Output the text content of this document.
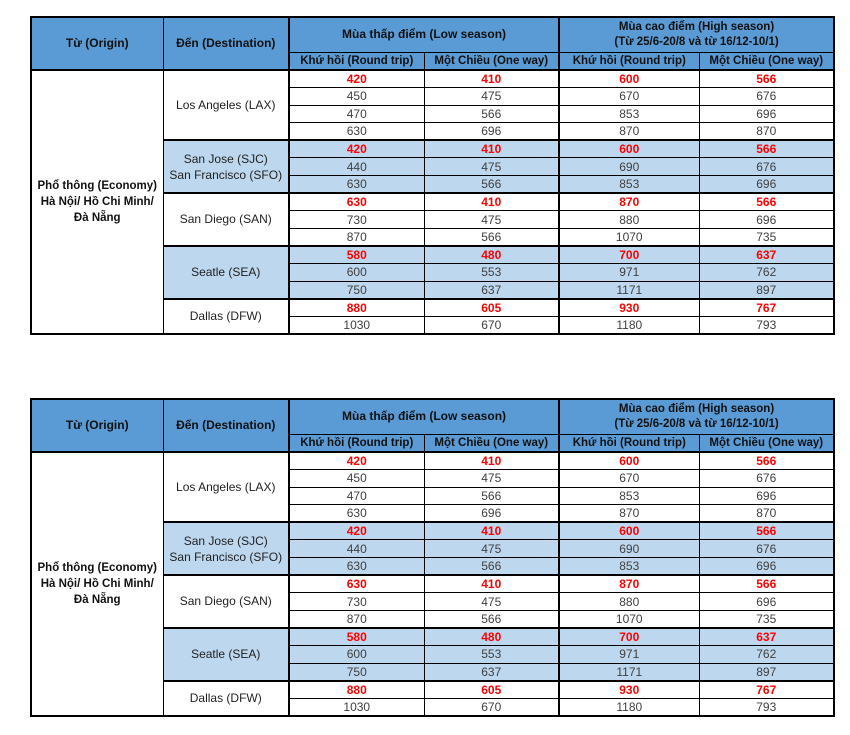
Từ (Origin)	Đến (Destination)	Mùa thấp điểm (Low season)		Mùa cao điểm (High season)
(Từ 25/6-20/8 và từ 16/12-10/1)	

		Khứ hồi (Round trip)	Một Chiều (One way)	Khứ hồi (Round trip)	Một Chiều (One way)

Phổ thông (Economy)
Hà Nội/ Hồ Chi Minh/
Đà Nẵng	Los Angeles (LAX)	420	410	600	566
		450	475	670	676
		470	566	853	696
		630	696	870	870

	San Jose (SJC)
San Francisco (SFO)	420	410	600	566
		440	475	690	676
		630	566	853	696

	San Diego (SAN)	630	410	870	566
		730	475	880	696
		870	566	1070	735

	Seatle (SEA)	580	480	700	637
		600	553	971	762
		750	637	1171	897

	Dallas (DFW)	880	605	930	767
		1030	670	1180	793
Từ (Origin)	Đến (Destination)	Mùa thấp điểm (Low season)		Mùa cao điểm (High season)
(Từ 25/6-20/8 và từ 16/12-10/1)	

		Khứ hồi (Round trip)	Một Chiều (One way)	Khứ hồi (Round trip)	Một Chiều (One way)

Phổ thông (Economy)
Hà Nội/ Hồ Chi Minh/
Đà Nẵng	Los Angeles (LAX)	420	410	600	566
		450	475	670	676
		470	566	853	696
		630	696	870	870

	San Jose (SJC)
San Francisco (SFO)	420	410	600	566
		440	475	690	676
		630	566	853	696

	San Diego (SAN)	630	410	870	566
		730	475	880	696
		870	566	1070	735

	Seatle (SEA)	580	480	700	637
		600	553	971	762
		750	637	1171	897

	Dallas (DFW)	880	605	930	767
		1030	670	1180	793
